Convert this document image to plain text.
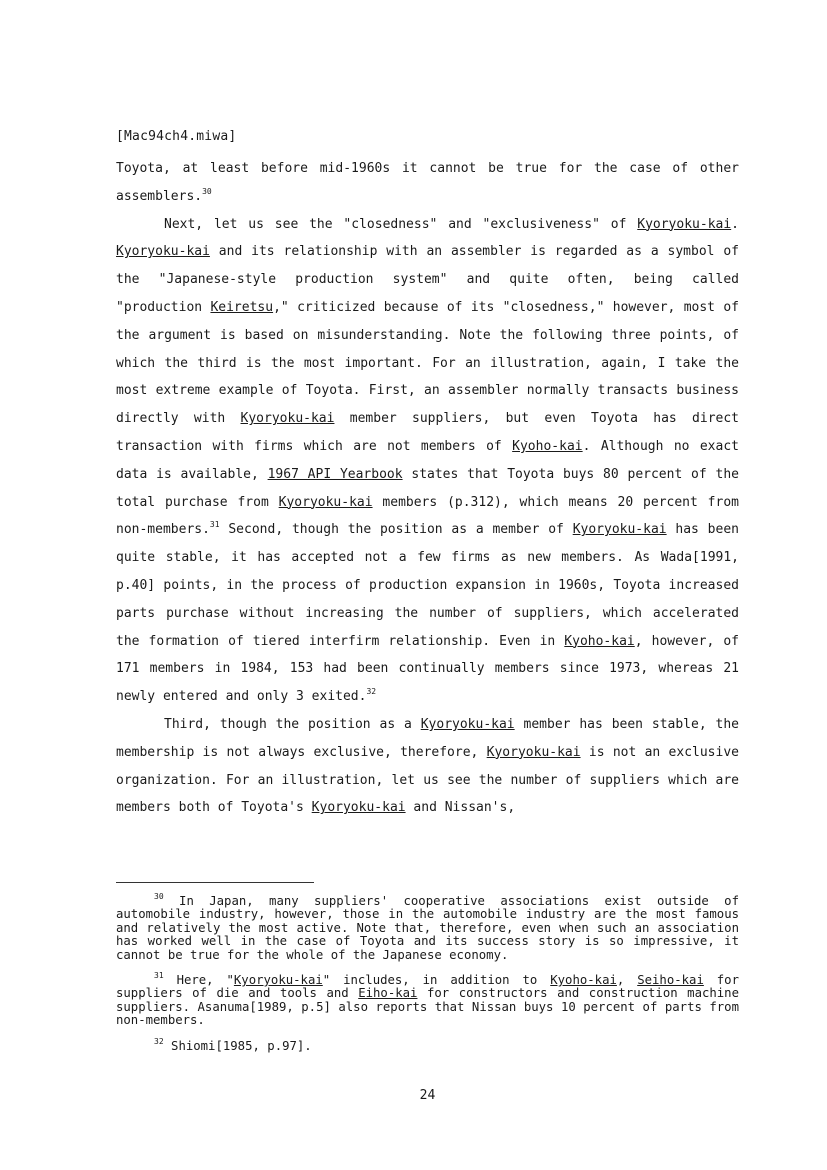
[Mac94ch4.miwa]

Toyota, at least before mid-1960s it cannot be true for the case of other assemblers.$^{30}$

Next, let us see the "closedness" and "exclusiveness" of Kyoryoku-kai. Kyoryoku-kai and its relationship with an assembler is regarded as a symbol of the "Japanese-style production system" and quite often, being called "production Keiretsu," criticized because of its "closedness," however, most of the argument is based on misunderstanding. Note the following three points, of which the third is the most important. For an illustration, again, I take the most extreme example of Toyota. First, an assembler normally transacts business directly with Kyoryoku-kai member suppliers, but even Toyota has direct transaction with firms which are not members of Kyoho-kai. Although no exact data is available, 1967 API Yearbook states that Toyota buys 80 percent of the total purchase from Kyoryoku-kai members (p.312), which means 20 percent from non-members.$^{31}$ Second, though the position as a member of Kyoryoku-kai has been quite stable, it has accepted not a few firms as new members. As Wada[1991, p.40] points, in the process of production expansion in 1960s, Toyota increased parts purchase without increasing the number of suppliers, which accelerated the formation of tiered interfirm relationship. Even in Kyoho-kai, however, of 171 members in 1984, 153 had been continually members since 1973, whereas 21 newly entered and only 3 exited.$^{32}$

Third, though the position as a Kyoryoku-kai member has been stable, the membership is not always exclusive, therefore, Kyoryoku-kai is not an exclusive organization. For an illustration, let us see the number of suppliers which are members both of Toyota's Kyoryoku-kai and Nissan's,

$^{30}$ In Japan, many suppliers' cooperative associations exist outside of automobile industry, however, those in the automobile industry are the most famous and relatively the most active. Note that, therefore, even when such an association has worked well in the case of Toyota and its success story is so impressive, it cannot be true for the whole of the Japanese economy.

$^{31}$ Here, "Kyoryoku-kai" includes, in addition to Kyoho-kai, Seiho-kai for suppliers of die and tools and Eiho-kai for constructors and construction machine suppliers. Asanuma[1989, p.5] also reports that Nissan buys 10 percent of parts from non-members.

$^{32}$ Shiomi[1985, p.97].

24
